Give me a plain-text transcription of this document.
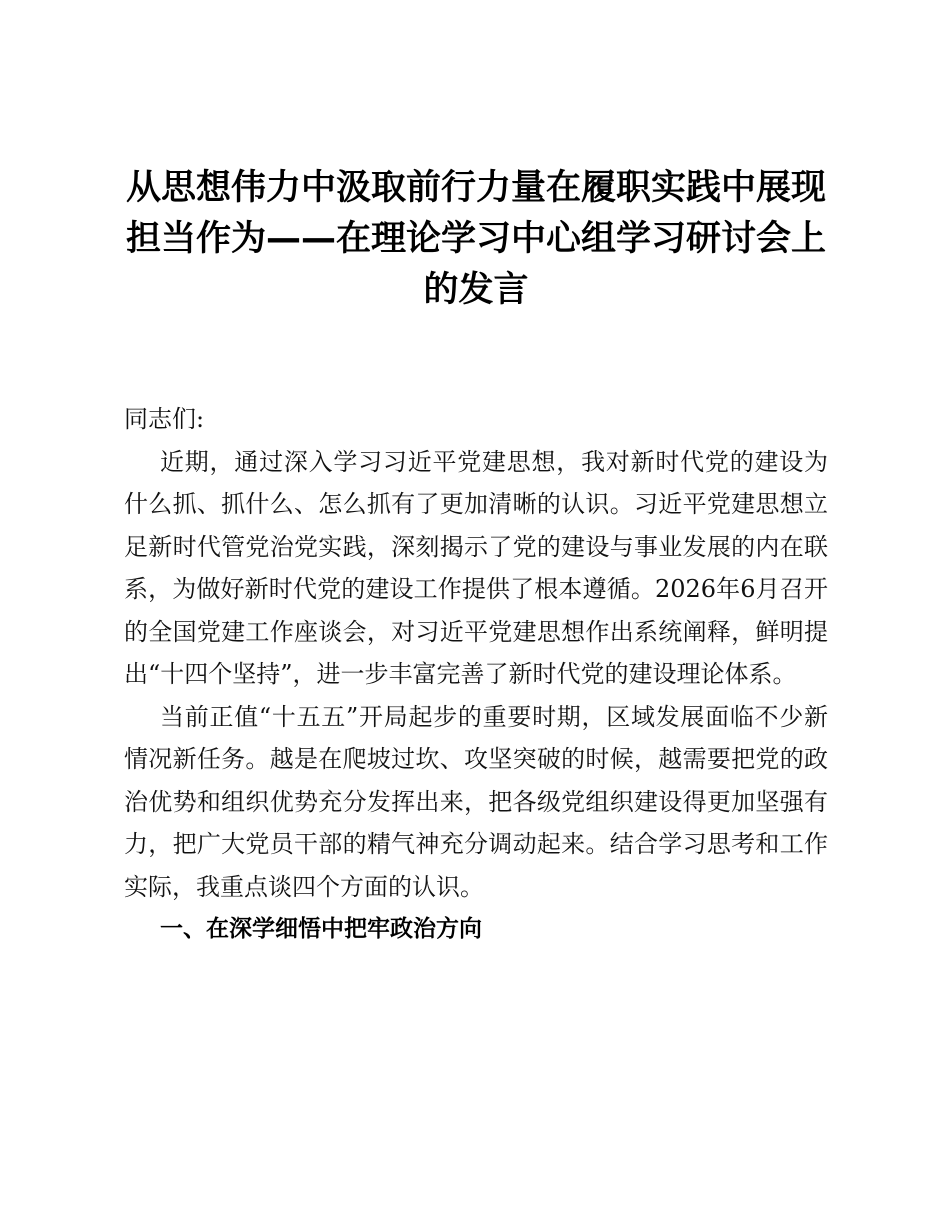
从思想伟力中汲取前行力量在履职实践中展现担当作为——在理论学习中心组学习研讨会上的发言

同志们:

近期，通过深入学习习近平党建思想，我对新时代党的建设为什么抓、抓什么、怎么抓有了更加清晰的认识。习近平党建思想立足新时代管党治党实践，深刻揭示了党的建设与事业发展的内在联系，为做好新时代党的建设工作提供了根本遵循。2026年6月召开的全国党建工作座谈会，对习近平党建思想作出系统阐释，鲜明提出“十四个坚持”，进一步丰富完善了新时代党的建设理论体系。

当前正值“十五五”开局起步的重要时期，区域发展面临不少新情况新任务。越是在爬坡过坎、攻坚突破的时候，越需要把党的政治优势和组织优势充分发挥出来，把各级党组织建设得更加坚强有力，把广大党员干部的精气神充分调动起来。结合学习思考和工作实际，我重点谈四个方面的认识。

一、在深学细悟中把牢政治方向
